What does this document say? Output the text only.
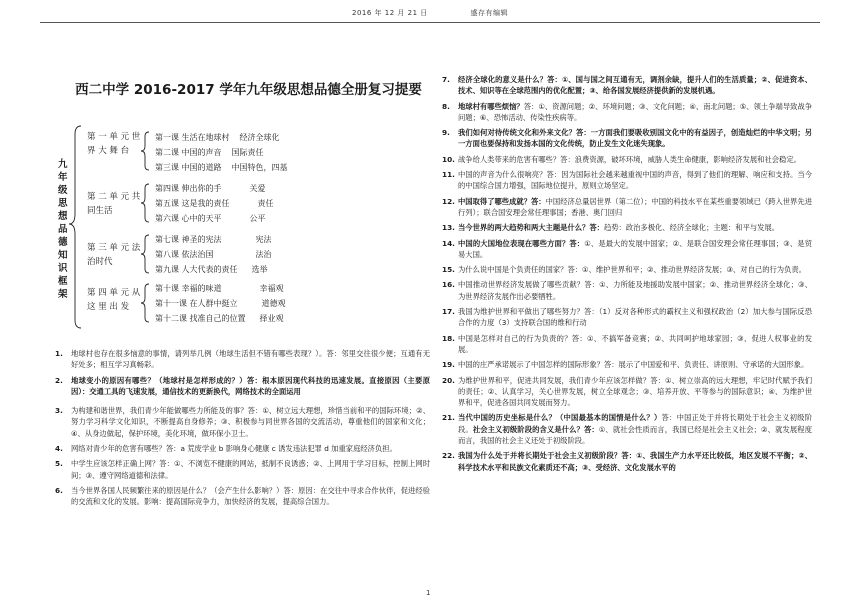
2016 年 12 月 21 日	盛存有编辑
西二中学 2016-2017 学年九年级思想品德全册复习提要
九年级思想品德知识框架
第 一 单 元 世 界 大 舞 台
第一课 生活在地球村 经济全球化
第二课 中国的声音 国际责任
第三课 中国的道路 中国特色，四基
第 二 单 元 共同生活
第四课 伸出你的手	关爱
第五课 这是我的责任	责任
第六课 心中的天平	公平
第 三 单 元 法治时代
第七课 神圣的宪法	宪法
第八课 依法治国	法治
第九课 人大代表的责任 选举
第 四 单 元 从 这 里 出 发
第十课 幸福的味道	幸福观
第十一课 在人群中挺立	道德观
第十二课 找准自己的位置 择业观
1. 地球村也存在很多恼意的事情，请列举几例（地球生活但不错有哪些表现？）。答：邻里交往很少便；互通有无好处多；相互学习真畅彩。
2. 地球变小的原因有哪些？（地球村是怎样形成的？）答：根本原因现代科技的迅速发展。直接原因（主要原因）：交通工具的飞速发展，通信技术的更新换代，网络技术的全面运用
3. 为构建和谐世界，我们青少年能做哪些力所能及的事？答：①、树立远大理想，珍惜当前和平的国际环境；②、努力学习科学文化知识，不断提高自身修养；③、积极参与同世界各国的交流活动，尊重他们的国家和文化；④、从身边做起，保护环境，美化环境，做环保小卫士。
4. 网络对青少年的危害有哪些？答：a 荒废学业 b 影响身心健康 c 诱发违法犯罪 d 加重家庭经济负担。
5. 中学生应该怎样正确上网？答：①、不浏览不健康的网站，抵制不良诱惑；②、上网用于学习目标，控制上网时间；③、遵守网络道德和法律。
6. 当今世界各国人民频繁往来的原因是什么？（会产生什么影响？）答：原因：在交往中寻求合作伙伴，促进经验的交流和文化的发展。影响：提高国际竞争力，加快经济的发展，提高综合国力。
7. 经济全球化的意义是什么？答：①、国与国之间互通有无，调剂余缺，提升人们的生活质量；②、促进资本、技术、知识等在全球范围内的优化配置；③、给各国发展经济提供新的发展机遇。
8. 地球村有哪些烦恼？答：①、资源问题；②、环境问题；③、文化问题；④、南北问题；⑤、领土争端导致战争问题；⑥、恐怖活动、传染性疾病等。
9. 我们如何对待传统文化和外来文化？答：一方面我们要吸收别国文化中的有益因子，创造灿烂的中华文明；另一方面也要保持和发扬本国的文化传统，防止发生文化迷失现象。
10. 战争给人类带来的危害有哪些？答：浪费资源，破坏环境，威胁人类生命健康，影响经济发展和社会稳定。
11. 中国的声音为什么很响亮？答：因为国际社会越来越重视中国的声音，得到了他们的理解、响应和支持。当今的中国综合国力增强，国际地位提升，原则立场坚定。
12. 中国取得了哪些成就？答：中国经济总量居世界（第二位）；中国的科技水平在某些重要领域已（跨入世界先进行列）；联合国安理会常任理事国；香港、奥门回归
13. 当今世界的两大趋势和两大主题是什么？答：趋势：政治多极化、经济全球化；主题：和平与发展。
14. 中国的大国地位表现在哪些方面？答：①、是最大的发展中国家；②、是联合国安理会常任理事国；③、是贸易大国。
15. 为什么说中国是个负责任的国家？答：①、维护世界和平；②、推动世界经济发展；③、对自己的行为负责。
16. 中国推动世界经济发展做了哪些贡献？答：①、力所能及地援助发展中国家；②、推动世界经济全球化；③、为世界经济发展作出必要牺牲。
17. 我国为维护世界和平做出了哪些努力？答：（1）反对各种形式的霸权主义和强权政治（2）加大参与国际反恐合作的力度（3）支持联合国的维和行动
18. 中国是怎样对自己的行为负责的？答：①、不搞军备竞赛；②、共同呵护地球家园；③、促进人权事业的发展。
19. 中国的庄严承诺展示了中国怎样的国际形象？答：展示了中国爱和平、负责任、讲原则、守承诺的大国形象。
20. 为维护世界和平，促进共同发展，我们青少年应该怎样做？答：①、树立崇高的远大理想，牢记时代赋予我们的责任；②、认真学习，关心世界发展，树立全球观念；③、培养开放、平等参与的国际意识；④、为维护世界和平，促进各国共同发展而努力。
21. 当代中国的历史坐标是什么？（中国最基本的国情是什么？）答：中国正处于并将长期处于社会主义初级阶段。社会主义初级阶段的含义是什么？答：①、就社会性质而言，我国已经是社会主义社会；②、就发展程度而言，我国的社会主义还处于初级阶段。
22. 我国为什么处于并将长期处于社会主义初级阶段？答：①、我国生产力水平还比较低，地区发展不平衡；②、科学技术水平和民族文化素质还不高；③、受经济、文化发展水平的
1
